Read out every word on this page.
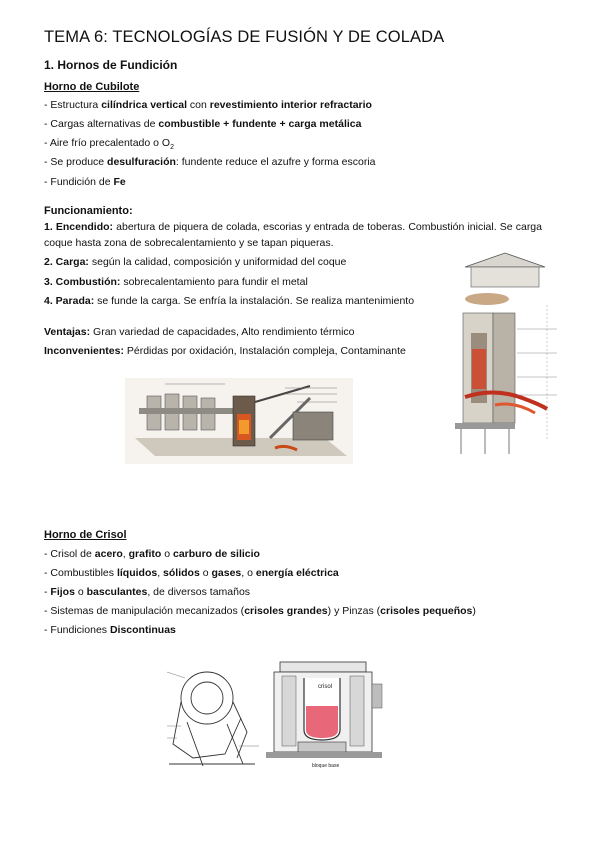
TEMA 6: TECNOLOGÍAS DE FUSIÓN Y DE COLADA
1. Hornos de Fundición
Horno de Cubilote
- Estructura cilíndrica vertical con revestimiento interior refractario
- Cargas alternativas de combustible + fundente + carga metálica
- Aire frío precalentado o $O_2$
- Se produce desulfuración: fundente reduce el azufre y forma escoria
- Fundición de Fe
Funcionamiento:
1. Encendido: abertura de piquera de colada, escorias y entrada de toberas. Combustión inicial. Se carga coque hasta zona de sobrecalentamiento y se tapan piqueras.
2. Carga: según la calidad, composición y uniformidad del coque
3. Combustión: sobrecalentamiento para fundir el metal
4. Parada: se funde la carga. Se enfría la instalación. Se realiza mantenimiento
Ventajas: Gran variedad de capacidades, Alto rendimiento térmico
Inconvenientes: Pérdidas por oxidación, Instalación compleja, Contaminante
Horno de Crisol
- Crisol de acero, grafito o carburo de silicio
- Combustibles líquidos, sólidos o gases, o energía eléctrica
- Fijos o basculantes, de diversos tamaños
- Sistemas de manipulación mecanizados (crisoles grandes) y Pinzas (crisoles pequeños)
- Fundiciones Discontinuas
crisol
bloque base
